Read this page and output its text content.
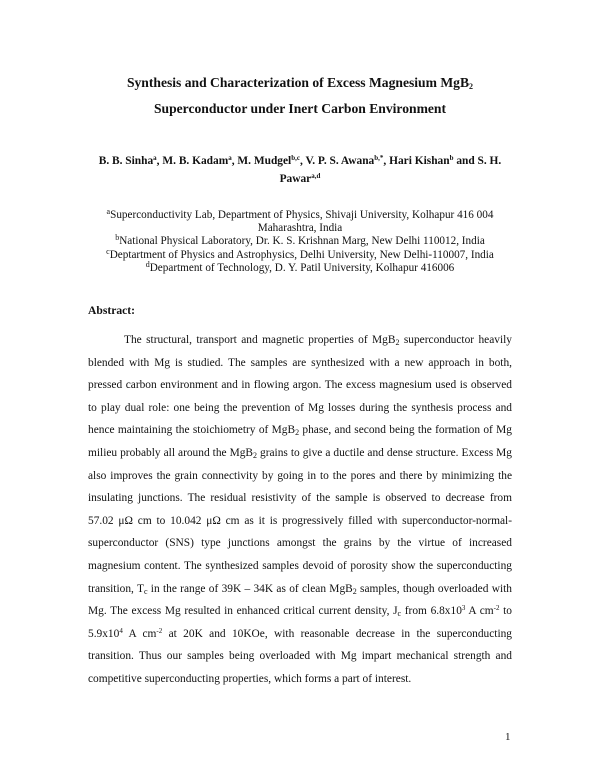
Synthesis and Characterization of Excess Magnesium MgB$_2$
Superconductor under Inert Carbon Environment
B. B. Sinha$^a$, M. B. Kadam$^a$, M. Mudgel$^{b,c}$, V. P. S. Awana$^{b,*}$, Hari Kishan$^b$ and S. H. Pawar$^{a,d}$
$^a$Superconductivity Lab, Department of Physics, Shivaji University, Kolhapur 416 004
Maharashtra, India
$^b$National Physical Laboratory, Dr. K. S. Krishnan Marg, New Delhi 110012, India
$^c$Deptartment of Physics and Astrophysics, Delhi University, New Delhi-110007, India
$^d$Department of Technology, D. Y. Patil University, Kolhapur 416006
Abstract:

The structural, transport and magnetic properties of MgB$_2$ superconductor heavily blended with Mg is studied. The samples are synthesized with a new approach in both, pressed carbon environment and in flowing argon. The excess magnesium used is observed to play dual role: one being the prevention of Mg losses during the synthesis process and hence maintaining the stoichiometry of MgB$_2$ phase, and second being the formation of Mg milieu probably all around the MgB$_2$ grains to give a ductile and dense structure. Excess Mg also improves the grain connectivity by going in to the pores and there by minimizing the insulating junctions. The residual resistivity of the sample is observed to decrease from 57.02 μΩ cm to 10.042 μΩ cm as it is progressively filled with superconductor-normal-superconductor (SNS) type junctions amongst the grains by the virtue of increased magnesium content. The synthesized samples devoid of porosity show the superconducting transition, $T_c$ in the range of 39K – 34K as of clean MgB$_2$ samples, though overloaded with Mg. The excess Mg resulted in enhanced critical current density, $J_c$ from $6.8x10^3$ A $cm^{-2}$ to $5.9x10^4$ A $cm^{-2}$ at 20K and 10KOe, with reasonable decrease in the superconducting transition. Thus our samples being overloaded with Mg impart mechanical strength and competitive superconducting properties, which forms a part of interest.

1
